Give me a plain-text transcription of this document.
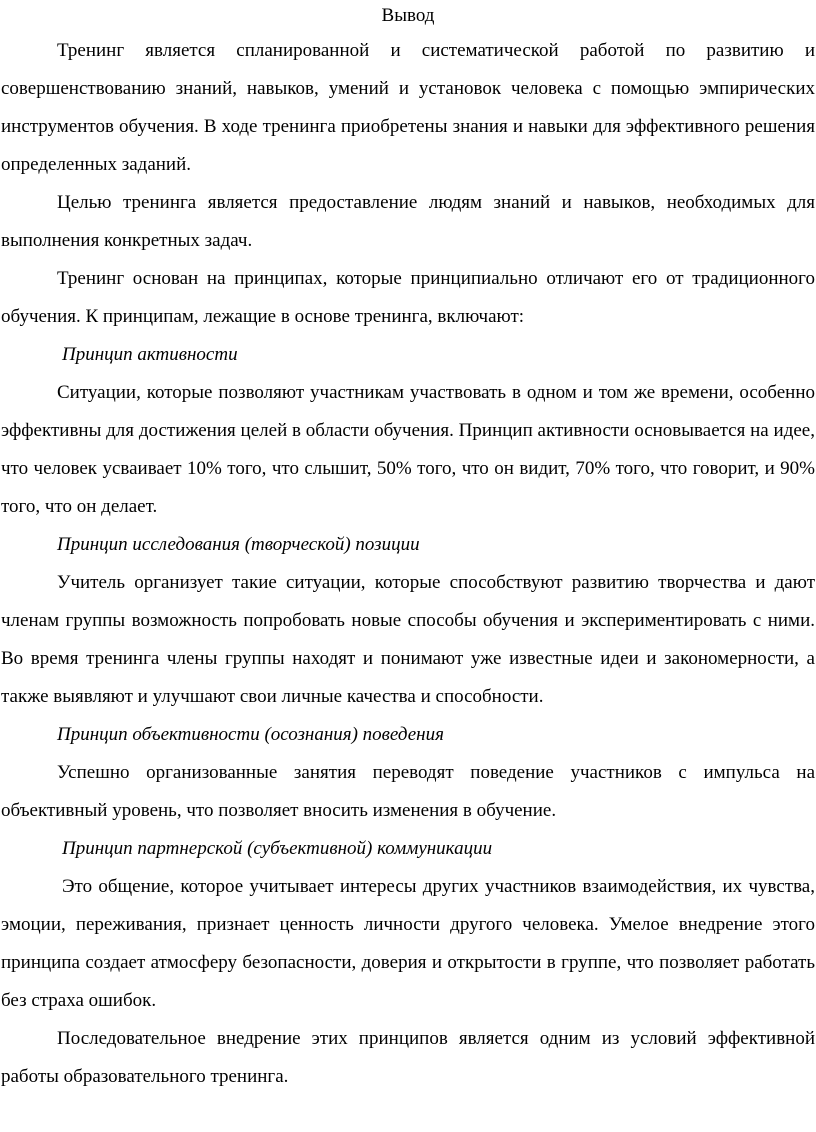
Вывод

Тренинг является спланированной и систематической работой по развитию и совершенствованию знаний, навыков, умений и установок человека с помощью эмпирических инструментов обучения. В ходе тренинга приобретены знания и навыки для эффективного решения определенных заданий.

Целью тренинга является предоставление людям знаний и навыков, необходимых для выполнения конкретных задач.

Тренинг основан на принципах, которые принципиально отличают его от традиционного обучения. К принципам, лежащие в основе тренинга, включают:

Принцип активности

Ситуации, которые позволяют участникам участвовать в одном и том же времени, особенно эффективны для достижения целей в области обучения. Принцип активности основывается на идее, что человек усваивает 10% того, что слышит, 50% того, что он видит, 70% того, что говорит, и 90% того, что он делает.

Принцип исследования (творческой) позиции

Учитель организует такие ситуации, которые способствуют развитию творчества и дают членам группы возможность попробовать новые способы обучения и экспериментировать с ними. Во время тренинга члены группы находят и понимают уже известные идеи и закономерности, а также выявляют и улучшают свои личные качества и способности.

Принцип объективности (осознания) поведения

Успешно организованные занятия переводят поведение участников с импульса на объективный уровень, что позволяет вносить изменения в обучение.

Принцип партнерской (субъективной) коммуникации

Это общение, которое учитывает интересы других участников взаимодействия, их чувства, эмоции, переживания, признает ценность личности другого человека. Умелое внедрение этого принципа создает атмосферу безопасности, доверия и открытости в группе, что позволяет работать без страха ошибок.

Последовательное внедрение этих принципов является одним из условий эффективной работы образовательного тренинга.
